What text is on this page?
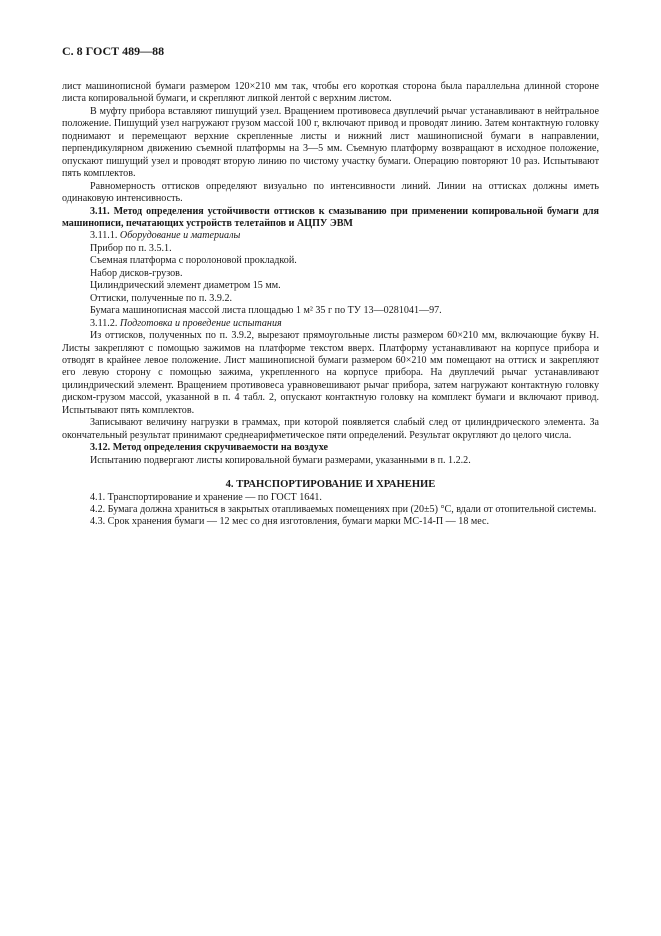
С. 8 ГОСТ 489—88

лист машинописной бумаги размером 120×210 мм так, чтобы его короткая сторона была параллельна длинной стороне листа копировальной бумаги, и скрепляют липкой лентой с верхним листом.

В муфту прибора вставляют пишущий узел. Вращением противовеса двуплечий рычаг устанавливают в нейтральное положение. Пишущий узел нагружают грузом массой 100 г, включают привод и проводят линию. Затем контактную головку поднимают и перемещают верхние скрепленные листы и нижний лист машинописной бумаги в направлении, перпендикулярном движению съемной платформы на 3—5 мм. Съемную платформу возвращают в исходное положение, опускают пишущий узел и проводят вторую линию по чистому участку бумаги. Операцию повторяют 10 раз. Испытывают пять комплектов.

Равномерность оттисков определяют визуально по интенсивности линий. Линии на оттисках должны иметь одинаковую интенсивность.

3.11. Метод определения устойчивости оттисков к смазыванию при применении копировальной бумаги для машинописи, печатающих устройств телетайпов и АЦПУ ЭВМ

3.11.1. Оборудование и материалы

Прибор по п. 3.5.1.

Съемная платформа с поролоновой прокладкой.

Набор дисков-грузов.

Цилиндрический элемент диаметром 15 мм.

Оттиски, полученные по п. 3.9.2.

Бумага машинописная массой листа площадью 1 м² 35 г по ТУ 13—0281041—97.

3.11.2. Подготовка и проведение испытания

Из оттисков, полученных по п. 3.9.2, вырезают прямоугольные листы размером 60×210 мм, включающие букву Н. Листы закрепляют с помощью зажимов на платформе текстом вверх. Платформу устанавливают на корпусе прибора и отводят в крайнее левое положение. Лист машинописной бумаги размером 60×210 мм помещают на оттиск и закрепляют его левую сторону с помощью зажима, укрепленного на корпусе прибора. На двуплечий рычаг устанавливают цилиндрический элемент. Вращением противовеса уравновешивают рычаг прибора, затем нагружают контактную головку диском-грузом массой, указанной в п. 4 табл. 2, опускают контактную головку на комплект бумаги и включают привод. Испытывают пять комплектов.

Записывают величину нагрузки в граммах, при которой появляется слабый след от цилиндрического элемента. За окончательный результат принимают среднеарифметическое пяти определений. Результат округляют до целого числа.

3.12. Метод определения скручиваемости на воздухе

Испытанию подвергают листы копировальной бумаги размерами, указанными в п. 1.2.2.

4. ТРАНСПОРТИРОВАНИЕ И ХРАНЕНИЕ

4.1. Транспортирование и хранение — по ГОСТ 1641.

4.2. Бумага должна храниться в закрытых отапливаемых помещениях при (20±5) °С, вдали от отопительной системы.

4.3. Срок хранения бумаги — 12 мес со дня изготовления, бумаги марки МС-14-П — 18 мес.
